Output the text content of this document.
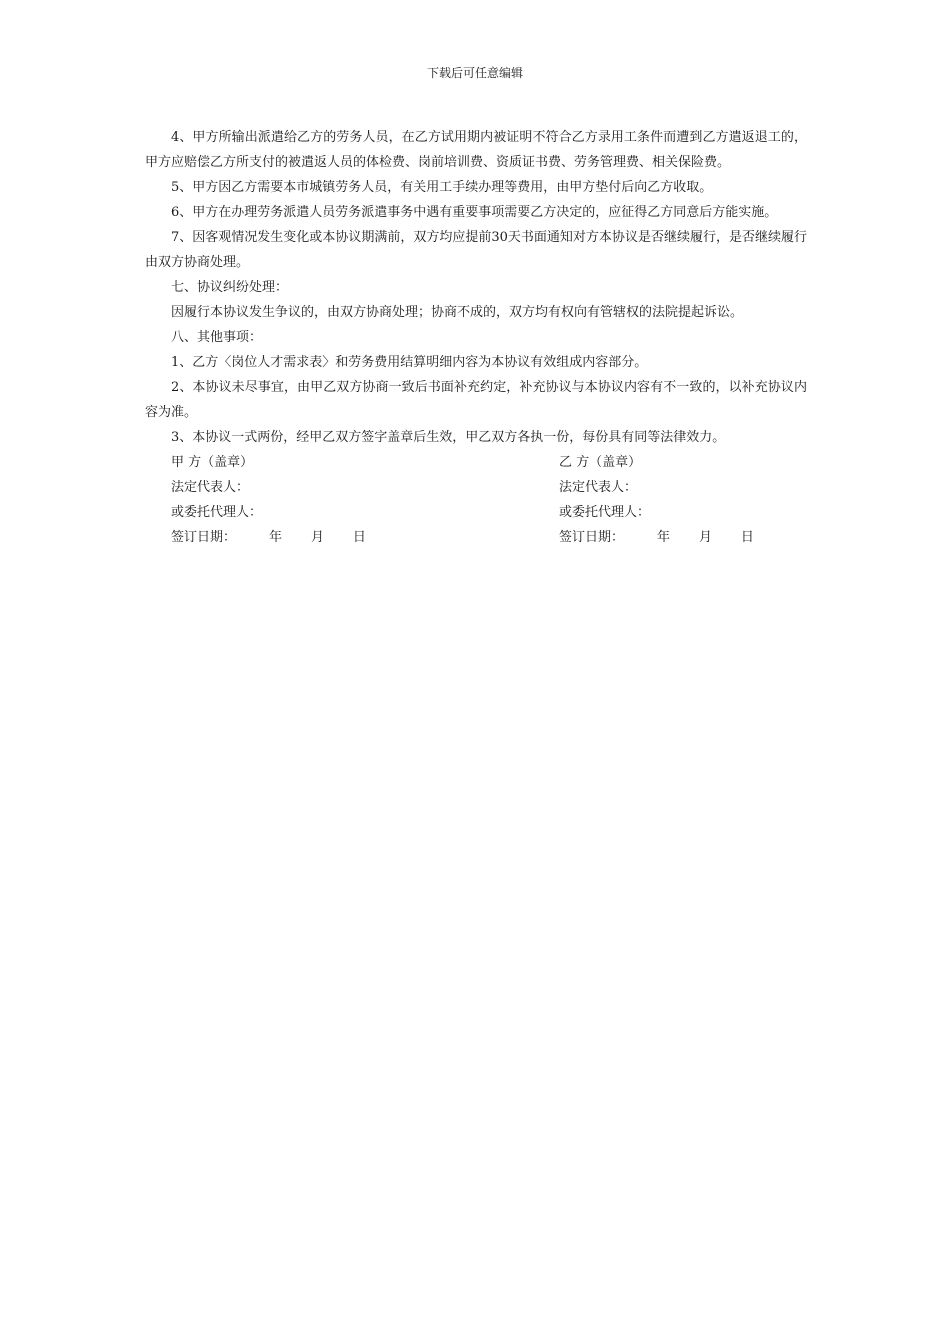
下载后可任意编辑

4、甲方所输出派遣给乙方的劳务人员，在乙方试用期内被证明不符合乙方录用工条件而遭到乙方遣返退工的，甲方应赔偿乙方所支付的被遣返人员的体检费、岗前培训费、资质证书费、劳务管理费、相关保险费。

5、甲方因乙方需要本市城镇劳务人员，有关用工手续办理等费用，由甲方垫付后向乙方收取。

6、甲方在办理劳务派遣人员劳务派遣事务中遇有重要事项需要乙方决定的，应征得乙方同意后方能实施。

7、因客观情况发生变化或本协议期满前，双方均应提前30天书面通知对方本协议是否继续履行，是否继续履行由双方协商处理。

七、协议纠纷处理：

因履行本协议发生争议的，由双方协商处理；协商不成的，双方均有权向有管辖权的法院提起诉讼。

八、其他事项：

1、乙方〈岗位人才需求表〉和劳务费用结算明细内容为本协议有效组成内容部分。

2、本协议未尽事宜，由甲乙双方协商一致后书面补充约定，补充协议与本协议内容有不一致的，以补充协议内容为准。

3、本协议一式两份，经甲乙双方签字盖章后生效，甲乙双方各执一份，每份具有同等法律效力。

甲 方（盖章）	乙 方（盖章）
法定代表人：	法定代表人：
或委托代理人：	或委托代理人：
签订日期：        年       月       日	签订日期：        年       月       日
